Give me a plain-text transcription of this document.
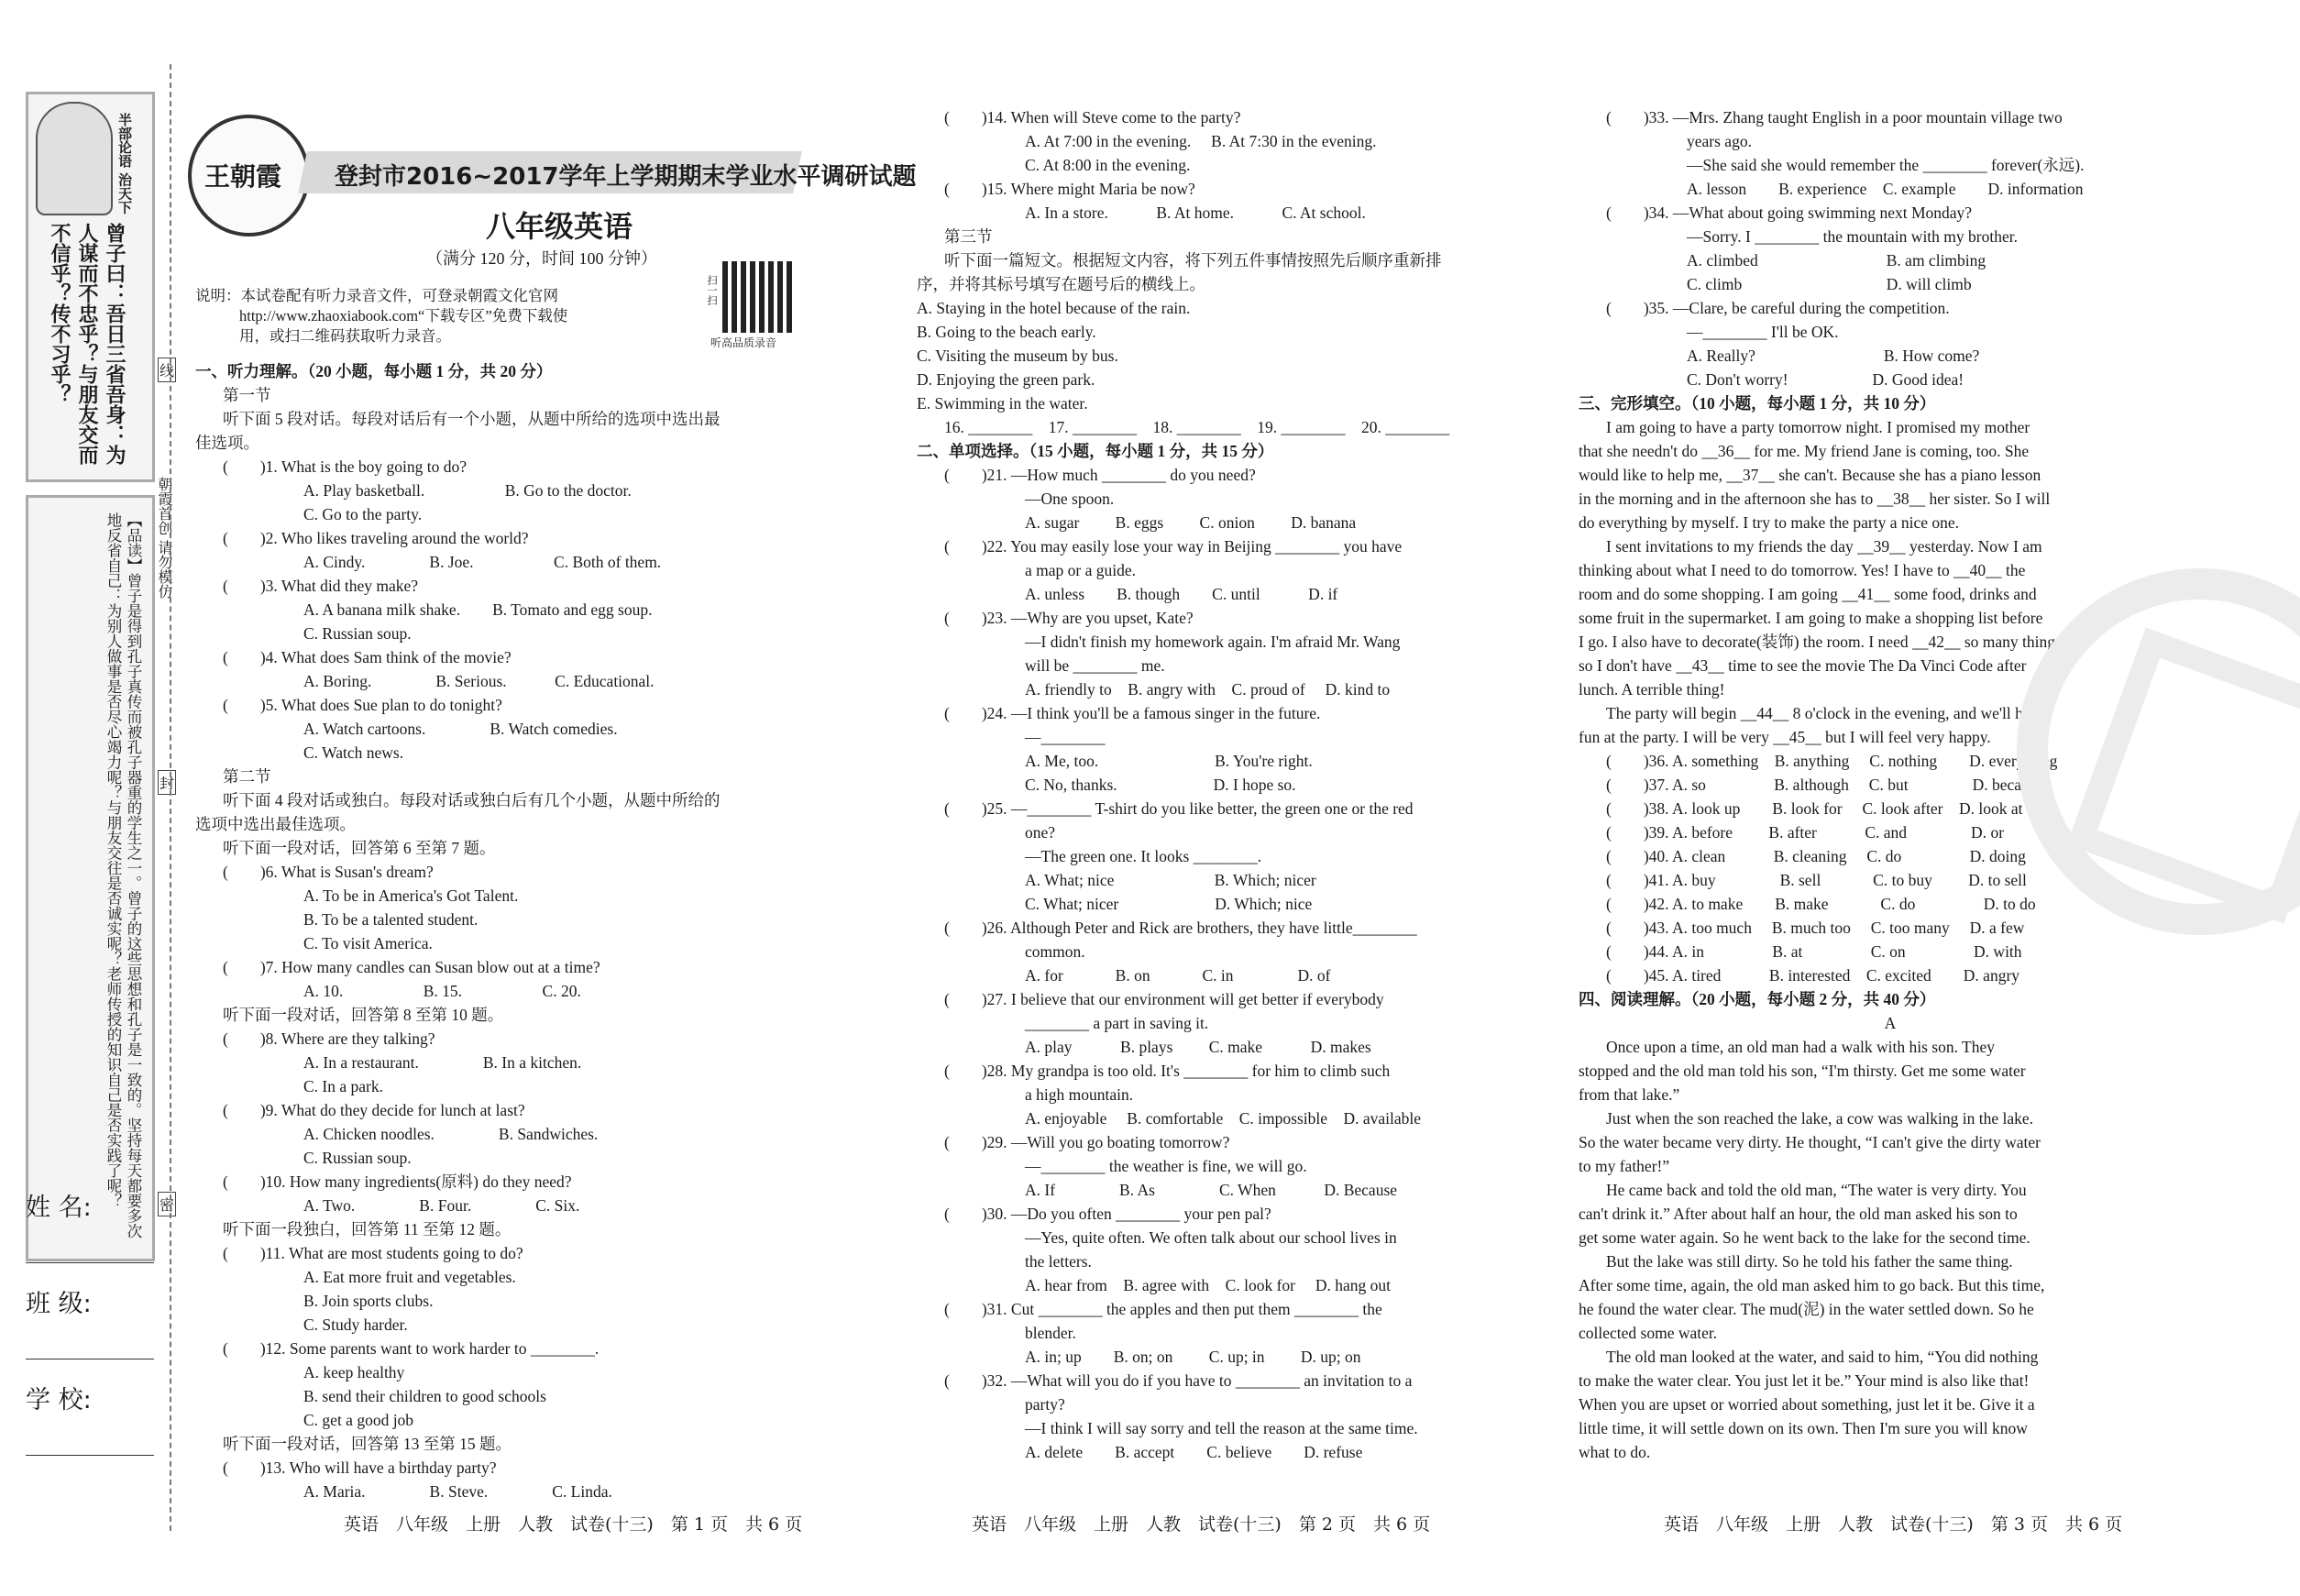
半部论语 治天下
曾子曰：吾日三省吾身：为人谋而不忠乎？与朋友交而不信乎？传不习乎？
朝霞首创 请勿模仿
【品读】曾子是得到孔子真传而被孔子器重的学生之一。曾子的这些思想和孔子是一致的。坚持每天都要多次地反省自己：为别人做事是否尽心竭力呢？与朋友交往是否诚实呢？老师传授的知识自己是否实践了呢？
线
封
密
姓 名:
班 级:
学 校:
王朝霞 登封市2016~2017学年上学期期末学业水平调研试题
八年级英语
（满分 120 分，时间 100 分钟）
说明：本试卷配有听力录音文件，可登录朝霞文化官网
http://www.zhaoxiabook.com“下载专区”免费下载使
用，或扫二维码获取听力录音。
扫一扫
听高品质录音
一、听力理解。（20 小题，每小题 1 分，共 20 分）
第一节
听下面 5 段对话。每段对话后有一个小题，从题中所给的选项中选出最
佳选项。
(　　)1. What is the boy going to do?
A. Play basketball.　　　　　B. Go to the doctor.
C. Go to the party.
(　　)2. Who likes traveling around the world?
A. Cindy.　　　　B. Joe.　　　　　C. Both of them.
(　　)3. What did they make?
A. A banana milk shake.　　B. Tomato and egg soup.
C. Russian soup.
(　　)4. What does Sam think of the movie?
A. Boring.　　　　B. Serious.　　　C. Educational.
(　　)5. What does Sue plan to do tonight?
A. Watch cartoons.　　　　B. Watch comedies.
C. Watch news.
第二节
听下面 4 段对话或独白。每段对话或独白后有几个小题，从题中所给的
选项中选出最佳选项。
听下面一段对话，回答第 6 至第 7 题。
(　　)6. What is Susan's dream?
A. To be in America's Got Talent.
B. To be a talented student.
C. To visit America.
(　　)7. How many candles can Susan blow out at a time?
A. 10.　　　　　B. 15.　　　　　C. 20.
听下面一段对话，回答第 8 至第 10 题。
(　　)8. Where are they talking?
A. In a restaurant.　　　　B. In a kitchen.
C. In a park.
(　　)9. What do they decide for lunch at last?
A. Chicken noodles.　　　　B. Sandwiches.
C. Russian soup.
(　　)10. How many ingredients(原料) do they need?
A. Two.　　　　B. Four.　　　　C. Six.
听下面一段独白，回答第 11 至第 12 题。
(　　)11. What are most students going to do?
A. Eat more fruit and vegetables.
B. Join sports clubs.
C. Study harder.
(　　)12. Some parents want to work harder to ________.
A. keep healthy
B. send their children to good schools
C. get a good job
听下面一段对话，回答第 13 至第 15 题。
(　　)13. Who will have a birthday party?
A. Maria.　　　　B. Steve.　　　　C. Linda.
(　　)14. When will Steve come to the party?
A. At 7:00 in the evening.　 B. At 7:30 in the evening.
C. At 8:00 in the evening.
(　　)15. Where might Maria be now?
A. In a store.　　　B. At home.　　　C. At school.
第三节
听下面一篇短文。根据短文内容，将下列五件事情按照先后顺序重新排
序，并将其标号填写在题号后的横线上。
A. Staying in the hotel because of the rain.
B. Going to the beach early.
C. Visiting the museum by bus.
D. Enjoying the green park.
E. Swimming in the water.
16. ________　17. ________　18. ________　19. ________　20. ________
二、单项选择。（15 小题，每小题 1 分，共 15 分）
(　　)21. —How much ________ do you need?
—One spoon.
A. sugar　　 B. eggs　　 C. onion　　 D. banana
(　　)22. You may easily lose your way in Beijing ________ you have
a map or a guide.
A. unless　　B. though　　C. until　　　D. if
(　　)23. —Why are you upset, Kate?
—I didn't finish my homework again. I'm afraid Mr. Wang
will be ________ me.
A. friendly to　B. angry with　C. proud of　 D. kind to
(　　)24. —I think you'll be a famous singer in the future.
—________
A. Me, too.　　　　　　　 B. You're right.
C. No, thanks.　　　　　　D. I hope so.
(　　)25. —________ T-shirt do you like better, the green one or the red
one?
—The green one. It looks ________.
A. What; nice　　　　　　 B. Which; nicer
C. What; nicer　　　　　　D. Which; nice
(　　)26. Although Peter and Rick are brothers, they have little________
common.
A. for　　　 B. on　　　 C. in　　　　D. of
(　　)27. I believe that our environment will get better if everybody
________ a part in saving it.
A. play　　　B. plays　　 C. make　　　D. makes
(　　)28. My grandpa is too old. It's ________ for him to climb such
a high mountain.
A. enjoyable　 B. comfortable　C. impossible　D. available
(　　)29. —Will you go boating tomorrow?
—________ the weather is fine, we will go.
A. If　　　　B. As　　　　C. When　　　D. Because
(　　)30. —Do you often ________ your pen pal?
—Yes, quite often. We often talk about our school lives in
the letters.
A. hear from　B. agree with　C. look for　 D. hang out
(　　)31. Cut ________ the apples and then put them ________ the
blender.
A. in; up　　B. on; on　　 C. up; in　　 D. up; on
(　　)32. —What will you do if you have to ________ an invitation to a
party?
—I think I will say sorry and tell the reason at the same time.
A. delete　　B. accept　　C. believe　　D. refuse
(　　)33. —Mrs. Zhang taught English in a poor mountain village two
years ago.
—She said she would remember the ________ forever(永远).
A. lesson　　B. experience　C. example　　D. information
(　　)34. —What about going swimming next Monday?
—Sorry. I ________ the mountain with my brother.
A. climbed　　　　　　　　B. am climbing
C. climb　　　　　　　　　D. will climb
(　　)35. —Clare, be careful during the competition.
—________ I'll be OK.
A. Really?　　　　　　　　B. How come?
C. Don't worry!　　　　　 D. Good idea!
三、完形填空。（10 小题，每小题 1 分，共 10 分）
I am going to have a party tomorrow night. I promised my mother
that she needn't do __36__ for me. My friend Jane is coming, too. She
would like to help me, __37__ she can't. Because she has a piano lesson
in the morning and in the afternoon she has to __38__ her sister. So I will
do everything by myself. I try to make the party a nice one.
I sent invitations to my friends the day __39__ yesterday. Now I am
thinking about what I need to do tomorrow. Yes! I have to __40__ the
room and do some shopping. I am going __41__ some food, drinks and
some fruit in the supermarket. I am going to make a shopping list before
I go. I also have to decorate(装饰) the room. I need __42__ so many things,
so I don't have __43__ time to see the movie The Da Vinci Code after
lunch. A terrible thing!
The party will begin __44__ 8 o'clock in the evening, and we'll have
fun at the party. I will be very __45__ but I will feel very happy.
(　　)36. A. something　B. anything　 C. nothing　　D. everything
(　　)37. A. so　　　　 B. although　 C. but　　　　D. because
(　　)38. A. look up　　B. look for　 C. look after　D. look at
(　　)39. A. before　　 B. after　　　C. and　　　　D. or
(　　)40. A. clean　　　B. cleaning　 C. do　　　　 D. doing
(　　)41. A. buy　　　　B. sell　　　 C. to buy　　 D. to sell
(　　)42. A. to make　　B. make　　　 C. do　　　　 D. to do
(　　)43. A. too much　 B. much too　 C. too many　 D. a few
(　　)44. A. in　　　　 B. at　　　　 C. on　　　　 D. with
(　　)45. A. tired　　　B. interested　C. excited　　D. angry
四、阅读理解。（20 小题，每小题 2 分，共 40 分）
A
Once upon a time, an old man had a walk with his son. They
stopped and the old man told his son, “I'm thirsty. Get me some water
from that lake.”
Just when the son reached the lake, a cow was walking in the lake.
So the water became very dirty. He thought, “I can't give the dirty water
to my father!”
He came back and told the old man, “The water is very dirty. You
can't drink it.” After about half an hour, the old man asked his son to
get some water again. So he went back to the lake for the second time.
But the lake was still dirty. So he told his father the same thing.
After some time, again, the old man asked him to go back. But this time,
he found the water clear. The mud(泥) in the water settled down. So he
collected some water.
The old man looked at the water, and said to him, “You did nothing
to make the water clear. You just let it be.” Your mind is also like that!
When you are upset or worried about something, just let it be. Give it a
little time, it will settle down on its own. Then I'm sure you will know
what to do.
英语　八年级　上册　人教　试卷(十三)　第 1 页　共 6 页	英语　八年级　上册　人教　试卷(十三)　第 2 页　共 6 页	英语　八年级　上册　人教　试卷(十三)　第 3 页　共 6 页
